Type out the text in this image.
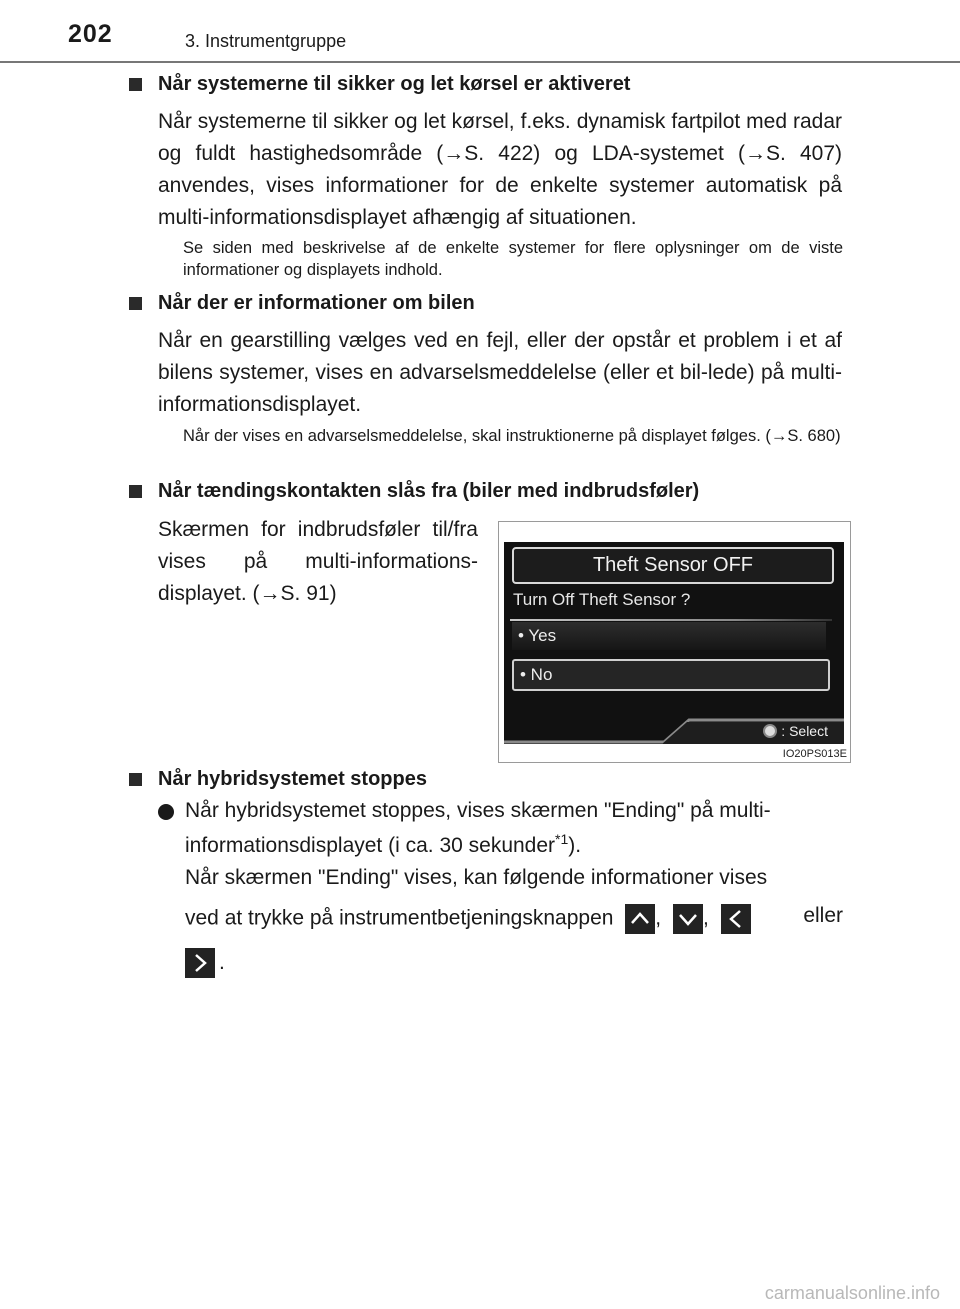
202	3. Instrumentgruppe
Når systemerne til sikker og let kørsel er aktiveret
Når systemerne til sikker og let kørsel, f.eks. dynamisk fartpilot med radar og fuldt hastighedsområde (→S. 422) og LDA-systemet (→S. 407) anvendes, vises informationer for de enkelte systemer automatisk på multi-informationsdisplayet afhængig af situationen.
Se siden med beskrivelse af de enkelte systemer for flere oplysninger om de viste informationer og displayets indhold.
Når der er informationer om bilen
Når en gearstilling vælges ved en fejl, eller der opstår et problem i et af bilens systemer, vises en advarselsmeddelelse (eller et bil-lede) på multi-informationsdisplayet.
Når der vises en advarselsmeddelelse, skal instruktionerne på displayet følges. (→S. 680)
Når tændingskontakten slås fra (biler med indbrudsføler)
Skærmen for indbrudsføler til/fra vises på multi-informations-displayet. (→S. 91)
Theft Sensor OFF
Turn Off Theft Sensor ?
• Yes
• No
: Select
IO20PS013E
Når hybridsystemet stoppes
Når hybridsystemet stoppes, vises skærmen "Ending" på multi-
informationsdisplayet (i ca. 30 sekunder$^{*1}$).
Når skærmen "Ending" vises, kan følgende informationer vises
ved at trykke på instrumentbetjeningsknappen , ,	eller
.
carmanualsonline.info
